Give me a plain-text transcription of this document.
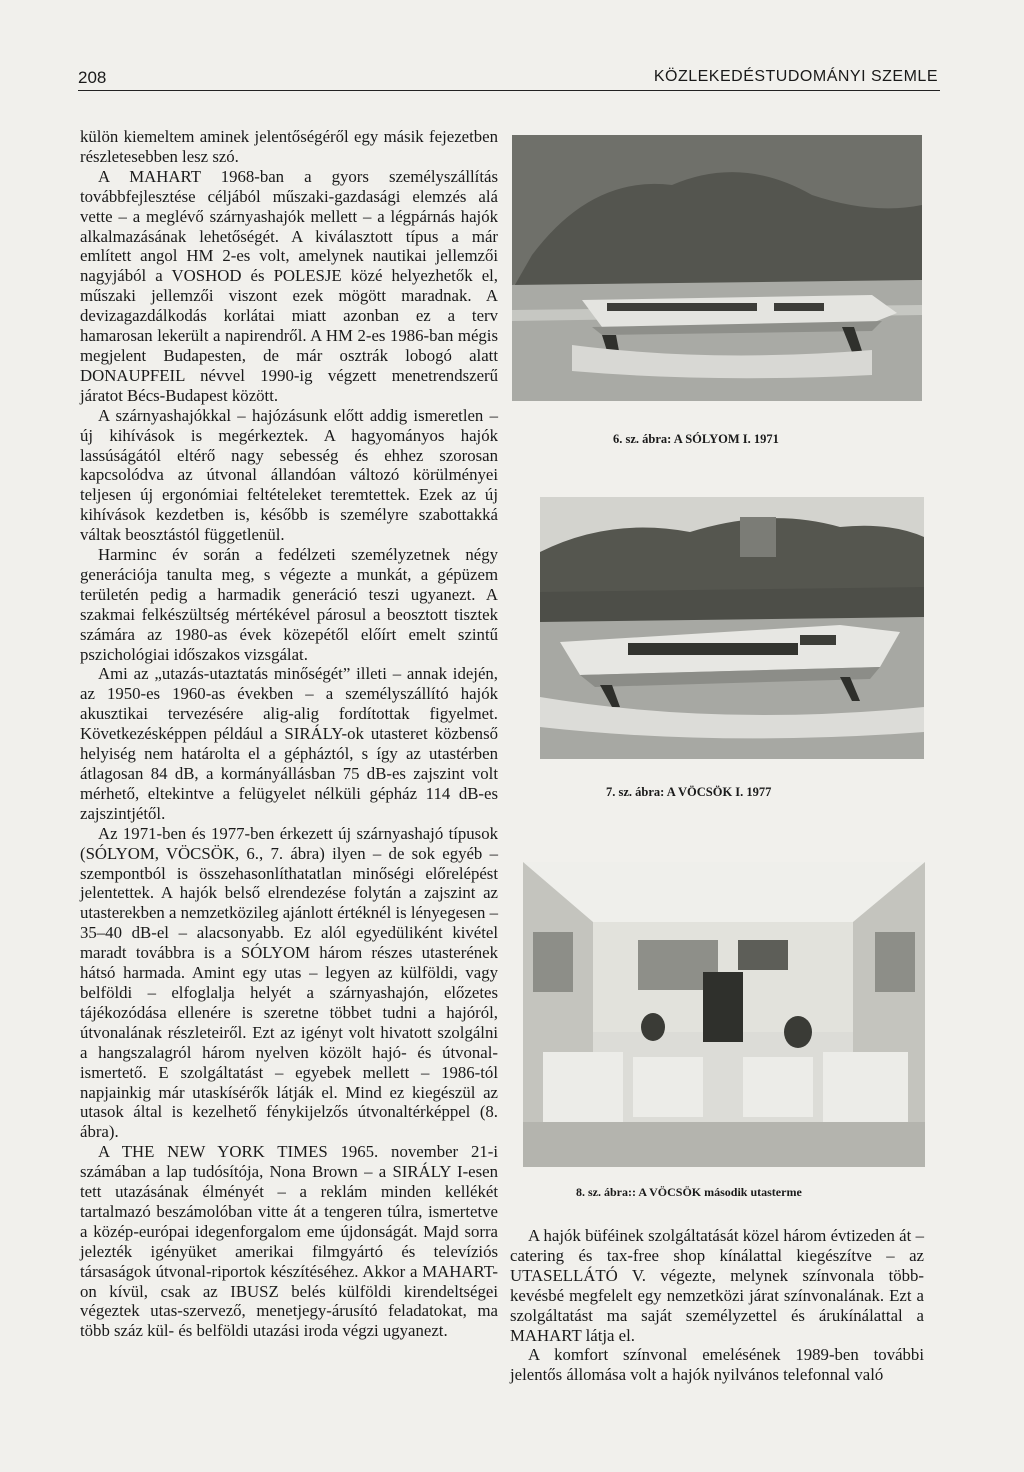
208	KÖZLEKEDÉSTUDOMÁNYI SZEMLE

külön kiemeltem aminek jelentőségéről egy másik fejezetben részletesebben lesz szó.

A MAHART 1968-ban a gyors személyszállítás továbbfejlesztése céljából műszaki-gazdasági elemzés alá vette – a meglévő szárnyashajók mellett – a légpárnás hajók alkalmazásának lehetőségét. A kiválasztott típus a már említett angol HM 2-es volt, amelynek nautikai jellemzői nagyjából a VOSHOD és POLESJE közé helyezhetők el, műszaki jellemzői viszont ezek mögött maradnak. A devizagazdálkodás korlátai miatt azonban ez a terv hamarosan lekerült a napirendről. A HM 2-es 1986-ban mégis megjelent Budapesten, de már osztrák lobogó alatt DONAUPFEIL névvel 1990-ig végzett menetrendszerű járatot Bécs-Budapest között.

A szárnyashajókkal – hajózásunk előtt addig ismeretlen – új kihívások is megérkeztek. A hagyományos hajók lassúságától eltérő nagy sebesség és ehhez szorosan kapcsolódva az útvonal állandóan változó körülményei teljesen új ergonómiai feltételeket teremtettek. Ezek az új kihívások kezdetben is, később is személyre szabottakká váltak beosztástól függetlenül.

Harminc év során a fedélzeti személyzetnek négy generációja tanulta meg, s végezte a munkát, a gépüzem területén pedig a harmadik generáció teszi ugyanezt. A szakmai felkészültség mértékével párosul a beosztott tisztek számára az 1980-as évek közepétől előírt emelt szintű pszichológiai időszakos vizsgálat.

Ami az „utazás-utaztatás minőségét” illeti – annak idején, az 1950-es 1960-as években – a személyszállító hajók akusztikai tervezésére alig-alig fordítottak figyelmet. Következésképpen például a SIRÁLY-ok utasteret közbenső helyiség nem határolta el a gépháztól, s így az utastérben átlagosan 84 dB, a kormányállásban 75 dB-es zajszint volt mérhető, eltekintve a felügyelet nélküli gépház 114 dB-es zajszintjétől.

Az 1971-ben és 1977-ben érkezett új szárnyashajó típusok (SÓLYOM, VÖCSÖK, 6., 7. ábra) ilyen – de sok egyéb – szempontból is összehasonlíthatatlan minőségi előrelépést jelentettek. A hajók belső elrendezése folytán a zajszint az utasterekben a nemzetközileg ajánlott értéknél is lényegesen – 35–40 dB-el – alacsonyabb. Ez alól egyedüliként kivétel maradt továbbra is a SÓLYOM három részes utasterének hátsó harmada. Amint egy utas – legyen az külföldi, vagy belföldi – elfoglalja helyét a szárnyashajón, előzetes tájékozódása ellenére is szeretne többet tudni a hajóról, útvonalának részleteiről. Ezt az igényt volt hivatott szolgálni a hangszalagról három nyelven közölt hajó- és útvonal-ismertető. E szolgáltatást – egyebek mellett – 1986-tól napjainkig már utaskísérők látják el. Mind ez kiegészül az utasok által is kezelhető fénykijelzős útvonaltérképpel (8. ábra).

A THE NEW YORK TIMES 1965. november 21-i számában a lap tudósítója, Nona Brown – a SIRÁLY I-esen tett utazásának élményét – a reklám minden kellékét tartalmazó beszámolóban vitte át a tengeren túlra, ismertetve a közép-európai idegenforgalom eme újdonságát. Majd sorra jelezték igényüket amerikai filmgyártó és televíziós társaságok útvonal-riportok készítéséhez. Akkor a MAHART-on kívül, csak az IBUSZ belés külföldi kirendeltségei végeztek utas-szervező, menetjegy-árusító feladatokat, ma több száz kül- és belföldi utazási iroda végzi ugyanezt.

6. sz. ábra: A SÓLYOM I. 1971
7. sz. ábra: A VÖCSÖK I. 1977
8. sz. ábra:: A VÖCSÖK második utasterme

A hajók büféinek szolgáltatását közel három évtizeden át – catering és tax-free shop kínálattal kiegészítve – az UTASELLÁTÓ V. végezte, melynek színvonala több-kevésbé megfelelt egy nemzetközi járat színvonalának. Ezt a szolgáltatást ma saját személyzettel és árukínálattal a MAHART látja el.

A komfort színvonal emelésének 1989-ben további jelentős állomása volt a hajók nyilvános telefonnal való
